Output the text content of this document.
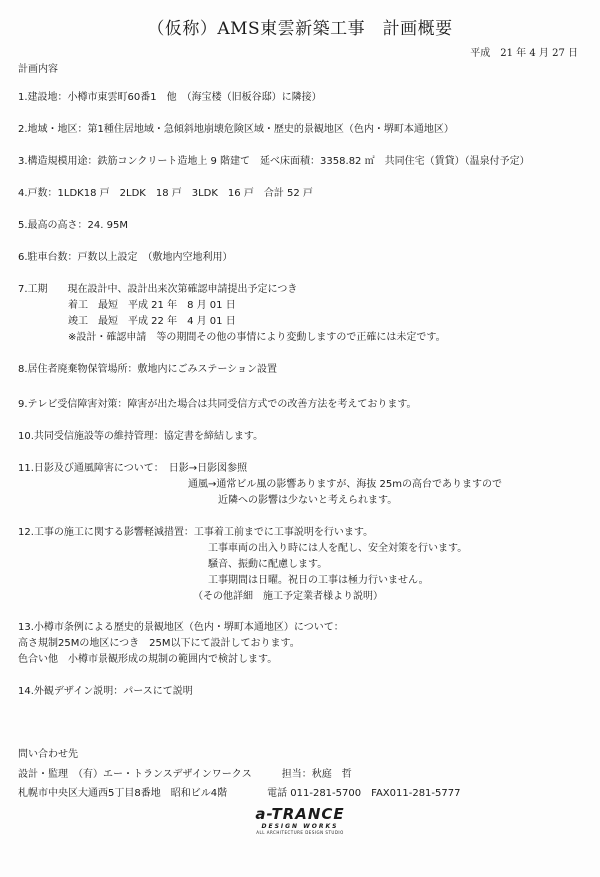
（仮称）AMS東雲新築工事　計画概要
平成　21 年 4 月 27 日
計画内容
1.建設地：小樽市東雲町60番1　他　（海宝楼（旧板谷邸）に隣接）
2.地域・地区：第1種住居地域・急傾斜地崩壊危険区域・歴史的景観地区（色内・堺町本通地区）
3.構造規模用途：鉄筋コンクリート造地上 9 階建て　延べ床面積：3358.82 ㎡　共同住宅（賃貸）（温泉付予定）
4.戸数：1LDK18 戸　2LDK　18 戸　3LDK　16 戸　合計 52 戸
5.最高の高さ：24. 95M
6.駐車台数：戸数以上設定　（敷地内空地利用）
7.工期　　現在設計中、設計出来次第確認申請提出予定につき
　　　　　着工　最短　平成 21 年　8 月 01 日
　　　　　竣工　最短　平成 22 年　4 月 01 日
　　　　　※設計・確認申請　等の期間その他の事情により変動しますので正確には未定です。
8.居住者廃棄物保管場所：敷地内にごみステーション設置
9.テレビ受信障害対策：障害が出た場合は共同受信方式での改善方法を考えております。
10.共同受信施設等の維持管理：協定書を締結します。
11.日影及び通風障害について：　日影→日影図参照
　　　　　　　　　　　　　　　　　通風→通常ビル風の影響ありますが、海抜 25mの高台でありますので
　　　　　　　　　　　　　　　　　　　　近隣への影響は少ないと考えられます。
12.工事の施工に関する影響軽減措置：工事着工前までに工事説明を行います。
　　　　　　　　　　　　　　　　　　　工事車両の出入り時には人を配し、安全対策を行います。
　　　　　　　　　　　　　　　　　　　騒音、振動に配慮します。
　　　　　　　　　　　　　　　　　　　工事期間は日曜。祝日の工事は極力行いません。
　　　　　　　　　　　　　　　　　　（その他詳細　施工予定業者様より説明）
13.小樽市条例による歴史的景観地区（色内・堺町本通地区）について：
高さ規制25Mの地区につき　25M以下にて設計しております。
色合い他　小樽市景観形成の規制の範囲内で検討します。
14.外観デザイン説明：パースにて説明
問い合わせ先
設計・監理　（有）エー・トランスデザインワークス　　　担当：秋庭　哲
札幌市中央区大通西5丁目8番地　昭和ビル4階　　　　電話 011-281-5700　FAX011-281-5777
a-TRANCE
DESIGN WORKS
ALL ARCHITECTURE DESIGN STUDIO
